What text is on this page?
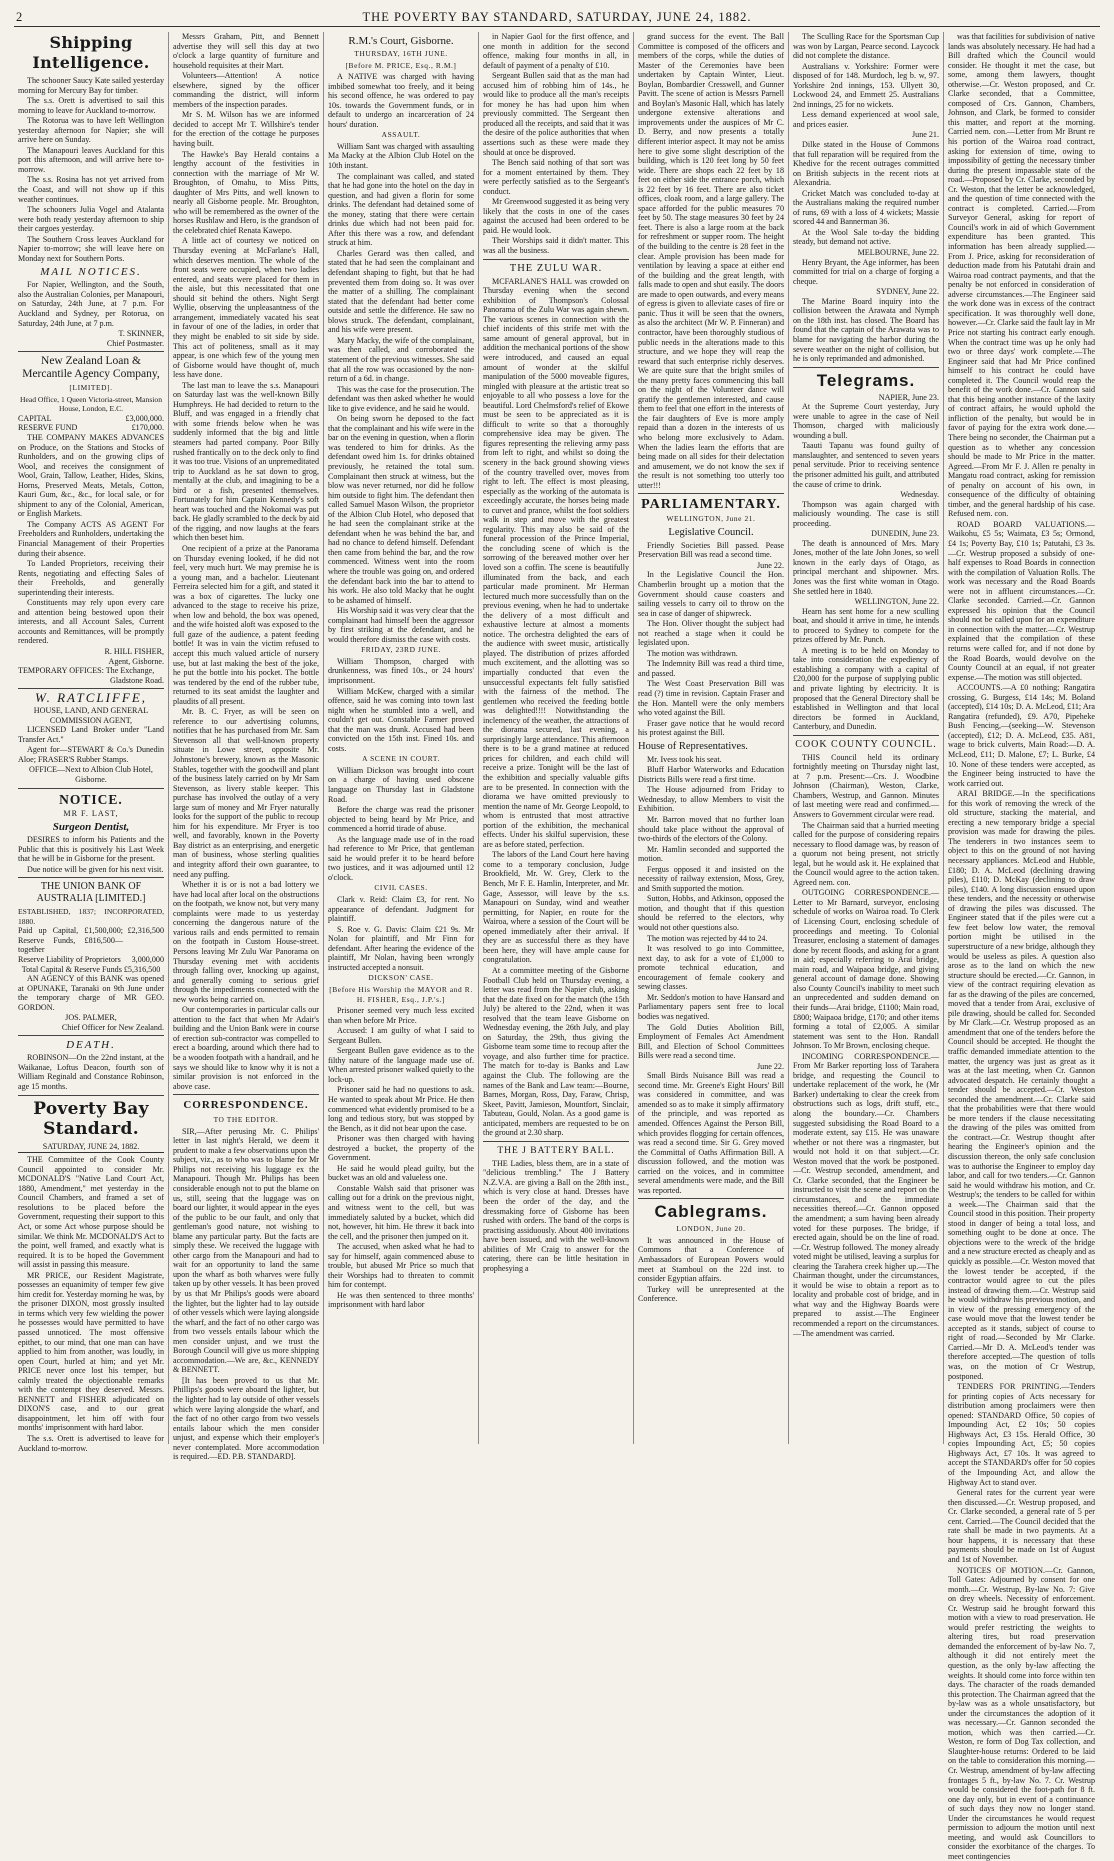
2	THE POVERTY BAY STANDARD, SATURDAY, JUNE 24, 1882.
Shipping Intelligence.

The schooner Saucy Kate sailed yesterday morning for Mercury Bay for timber.

The s.s. Orett is advertised to sail this morning to leave for Auckland to-morrow.

The Rotorua was to have left Wellington yesterday afternoon for Napier; she will arrive here on Sunday.

The Manapouri leaves Auckland for this port this afternoon, and will arrive here to-morrow.

The s.s. Rosina has not yet arrived from the Coast, and will not show up if this weather continues.

The schooners Julia Vogel and Atalanta were both ready yesterday afternoon to ship their cargoes yesterday.

The Southern Cross leaves Auckland for Napier to-morrow; she will leave here on Monday next for Southern Ports.

MAIL NOTICES.

For Napier, Wellington, and the South, also the Australian Colonies, per Manapouri, on Saturday, 24th June, at 7 p.m. For Auckland and Sydney, per Rotorua, on Saturday, 24th June, at 7 p.m.

T. SKINNER,
Chief Postmaster.
New Zealand Loan & Mercantile Agency Company,
[LIMITED].
Head Office, 1 Queen Victoria-street, Mansion House, London, E.C.
CAPITAL	£3,000,000.
RESERVE FUND	£170,000.

THE COMPANY MAKES ADVANCES on Produce, on the Stations and Stocks of Runholders, and on the growing clips of Wool, and receives the consignment of Wool, Grain, Tallow, Leather, Hides, Skins, Horns, Preserved Meats, Metals, Cotton, Kauri Gum, &c., &c., for local sale, or for shipment to any of the Colonial, American, or English Markets.

The Company ACTS AS AGENT For Freeholders and Runholders, undertaking the Financial Management of their Properties during their absence.

To Landed Proprietors, receiving their Rents, negotiating and effecting Sales of their Freeholds, and generally superintending their interests.

Constituents may rely upon every care and attention being bestowed upon their interests, and all Account Sales, Current accounts and Remittances, will be promptly rendered.

R. HILL FISHER,
Agent, Gisborne.
TEMPORARY OFFICES: The Exchange,
Gladstone Road.
W. RATCLIFFE,
HOUSE, LAND, AND GENERAL COMMISSION AGENT,

LICENSED Land Broker under "Land Transfer Act."

Agent for—STEWART & Co.'s Dunedin Aloe; FRASER'S Rubber Stamps.

OFFICE—Next to Albion Club Hotel, Gisborne.
NOTICE.
MR F. LAST,
Surgeon Dentist,

DESIRES to inform his Patients and the Public that this is positively his Last Week that he will be in Gisborne for the present.

Due notice will be given for his next visit.

THE UNION BANK OF AUSTRALIA [LIMITED.]
ESTABLISHED, 1837; INCORPORATED, 1880.
Paid up Capital, £1,500,000; Reserve Funds, £816,500—together
£2,316,500
Reserve Liability of Proprietors 3,000,000
Total Capital & Reserve Funds £5,316,500

AN AGENCY of this BANK was opened at OPUNAKE, Taranaki on 9th June under the temporary charge of MR GEO. GORDON.

JOS. PALMER,
Chief Officer for New Zealand.
DEATH.

ROBINSON—On the 22nd instant, at the Waikanae, Loftus Deacon, fourth son of William Reginald and Constance Robinson, age 15 months.

Poverty Bay Standard.
SATURDAY, JUNE 24, 1882.

THE Committee of the Cook County Council appointed to consider Mr. MCDONALD'S "Native Land Court Act, 1880, Amendment," met yesterday in the Council Chambers, and framed a set of resolutions to be placed before the Government, requesting their support to this Act, or some Act whose purpose should be similar. We think Mr. MCDONALD'S Act to the point, well framed, and exactly what is required. It is to be hoped the Government will assist in passing this measure.

MR PRICE, our Resident Magistrate, possesses an equanimity of temper few give him credit for. Yesterday morning he was, by the prisoner DIXON, most grossly insulted in terms which very few wielding the power he possesses would have permitted to have passed unnoticed. The most offensive epithet, to our mind, that one man can have applied to him from another, was loudly, in open Court, hurled at him; and yet Mr. PRICE never once lost his temper, but calmly treated the objectionable remarks with the contempt they deserved. Messrs. BENNETT and FISHER adjudicated on DIXON'S case, and to our great disappointment, let him off with four months' imprisonment with hard labor.

The s.s. Orett is advertised to leave for Auckland to-morrow.

Messrs Graham, Pitt, and Bennett advertise they will sell this day at two o'clock a large quantity of furniture and household requisites at their Mart.

Volunteers—Attention! A notice elsewhere, signed by the officer commanding the district, will inform members of the inspection parades.

Mr S. M. Wilson has we are informed decided to accept Mr T. Willshire's tender for the erection of the cottage he purposes having built.

The Hawke's Bay Herald contains a lengthy account of the festivities in connection with the marriage of Mr W. Broughton, of Omahu, to Miss Pitts, daughter of Mrs Pitts, and well known to nearly all Gisborne people. Mr. Broughton, who will be remembered as the owner of the horses Rushlaw and Hero, is the grandson of the celebrated chief Renata Kawepo.

A little act of courtesy we noticed on Thursday evening at McFarlane's Hall, which deserves mention. The whole of the front seats were occupied, when two ladies entered, and seats were placed for them in the aisle, but this necessitated that one should sit behind the others. Night Sergt Wyllie, observing the unpleasantness of the arrangement, immediately vacated his seat in favour of one of the ladies, in order that they might be enabled to sit side by side. This act of politeness, small as it may appear, is one which few of the young men of Gisborne would have thought of, much less have done.

The last man to leave the s.s. Manapouri on Saturday last was the well-known Billy Humphreys. He had decided to return to the Bluff, and was engaged in a friendly chat with some friends below when he was suddenly informed that the big and little steamers had parted company. Poor Billy rushed frantically on to the deck only to find it was too true. Visions of an unpremeditated trip to Auckland as he sat down to grog, mentally at the club, and imagining to be a bird or a fish, presented themselves. Fortunately for him Captain Kennedy's soft heart was touched and the Nokomai was put back. He gladly scrambled to the deck by aid of the rigging, and now laughs at the fears which then beset him.

One recipient of a prize at the Panorama on Thursday evening looked, if he did not feel, very much hurt. We may premise he is a young man, and a bachelor. Lieutenant Ferreira selected him for a gift, and stated it was a box of cigarettes. The lucky one advanced to the stage to receive his prize, when low and behold, the box was opened, and the wife hoisted aloft was exposed to the full gaze of the audience, a patent feeding bottle! It was in vain the victim refused to accept this much valued article of nursery use, but at last making the best of the joke, he put the bottle into his pocket. The bottle was tendered by the end of the rubber tube, returned to its seat amidst the laughter and plaudits of all present.

Mr. B. C. Fryer, as will be seen on reference to our advertising columns, notifies that he has purchased from Mr. Sam Stevenson all that well-known property situate in Lowe street, opposite Mr. Johnstone's brewery, known as the Masonic Stables, together with the goodwill and plant of the business lately carried on by Mr Sam Stevenson, as livery stable keeper. This purchase has involved the outlay of a very large sum of money and Mr Fryer naturally looks for the support of the public to recoup him for his expenditure. Mr Fryer is too well, and favorably, known in the Poverty Bay district as an enterprising, and energetic man of business, whose sterling qualities and integrity afford their own guarantee, to need any puffing.

Whether it is or is not a bad lottery we have had local after local on the obstructions on the footpath, we know not, but very many complaints were made to us yesterday concerning the dangerous nature of the various rails and ends permitted to remain on the footpath in Custom House-street. Persons leaving Mr Zulu War Panorama on Thursday evening met with accidents through falling over, knocking up against, and generally coming to serious grief through the impediments connected with the new works being carried on.

Our contemporaries in particular calls our attention to the fact that when Mr Adair's building and the Union Bank were in course of erection sub-contractor was compelled to erect a boarding, around which there had to be a wooden footpath with a handrail, and he says we should like to know why it is not a similar provision is not enforced in the above case.

CORRESPONDENCE.
TO THE EDITOR.

SIR,—After perusing Mr. C. Philips' letter in last night's Herald, we deem it prudent to make a few observations upon the subject, viz., as to who was to blame for Mr Philips not receiving his luggage ex the Manapouri. Though Mr. Philips has been considerable enough not to put the blame on us, still, seeing that the luggage was on board our lighter, it would appear in the eyes of the public to be our fault, and only that gentleman's good nature, not wishing to blame any particular party. But the facts are simply these. We received the luggage with other cargo from the Manapouri and had to wait for an opportunity to land the same upon the wharf as both wharves were fully taken up by other vessels. It has been proved by us that Mr Philips's goods were aboard the lighter, but the lighter had to lay outside of other vessels which were laying alongside the wharf, and the fact of no other cargo was from two vessels entails labour which the men consider unjust, and we trust the Borough Council will give us more shipping accommodation.—We are, &c., KENNEDY & BENNETT.

[It has been proved to us that Mr. Phillips's goods were aboard the lighter, but the lighter had to lay outside of other vessels which were laying alongside the wharf, and the fact of no other cargo from two vessels entails labour which the men consider unjust, and expense which their employer's never contemplated. More accommodation is required.—ED. P.B. STANDARD].

R.M.'s Court, Gisborne.
THURSDAY, 16TH JUNE.
[Before M. PRICE, Esq., R.M.]

A NATIVE was charged with having imbibed somewhat too freely, and it being his second offence, he was ordered to pay 10s. towards the Government funds, or in default to undergo an incarceration of 24 hours' duration.

ASSAULT.

William Sant was charged with assaulting Ma Macky at the Albion Club Hotel on the 10th instant.

The complainant was called, and stated that he had gone into the hotel on the day in question, and had given a florin for some drinks. The defendant had detained some of the money, stating that there were certain drinks due which had not been paid for. After this there was a row, and defendant struck at him.

Charles Gerard was then called, and stated that he had seen the complainant and defendant shaping to fight, but that he had prevented them from doing so. It was over the matter of a shilling. The complainant stated that the defendant had better come outside and settle the difference. He saw no blows struck. The defendant, complainant, and his wife were present.

Mary Macky, the wife of the complainant, was then called, and corroborated the statement of the previous witnesses. She said that all the row was occasioned by the non-return of a 6d. in change.

This was the case for the prosecution. The defendant was then asked whether he would like to give evidence, and he said he would.

On being sworn he deposed to the fact that the complainant and his wife were in the bar on the evening in question, when a florin was tendered to him for drinks. As the defendant owed him 1s. for drinks obtained previously, he retained the total sum. Complainant then struck at witness, but the blow was never returned, nor did he follow him outside to fight him. The defendant then called Samuel Mason Wilson, the proprietor of the Albion Club Hotel, who deposed that he had seen the complainant strike at the defendant when he was behind the bar, and had no chance to defend himself. Defendant then came from behind the bar, and the row commenced. Witness went into the room where the trouble was going on, and ordered the defendant back into the bar to attend to his work. He also told Macky that he ought to be ashamed of himself.

His Worship said it was very clear that the complainant had himself been the aggressor by first striking at the defendant, and he would therefore dismiss the case with costs.

FRIDAY, 23RD JUNE.

William Thompson, charged with drunkenness, was fined 10s., or 24 hours' imprisonment.

William McKew, charged with a similar offence, said he was coming into town last night when he stumbled into a well, and couldn't get out. Constable Farmer proved that the man was drunk. Accused had been convicted on the 15th inst. Fined 10s. and costs.

A SCENE IN COURT.

William Dickson was brought into court on a charge of having used obscene language on Thursday last in Gladstone Road.

Before the charge was read the prisoner objected to being heard by Mr Price, and commenced a horrid tirade of abuse.

As the language made use of in the road had reference to Mr Price, that gentleman said he would prefer it to be heard before two justices, and it was adjourned until 12 o'clock.

CIVIL CASES.

Clark v. Reid: Claim £3, for rent. No appearance of defendant. Judgment for plaintiff.

S. Roe v. G. Davis: Claim £21 9s. Mr Nolan for plaintiff, and Mr Finn for defendant. After hearing the evidence of the plaintiff, Mr Nolan, having been wrongly instructed accepted a nonsuit.

DICKSON' CASE.
[Before His Worship the MAYOR and R. H. FISHER, Esq., J.P.'s.]

Prisoner seemed very much less excited than when before Mr Price.

Accused: I am guilty of what I said to Sergeant Bullen.

Sergeant Bullen gave evidence as to the filthy nature of the language made use of. When arrested prisoner walked quietly to the lock-up.

Prisoner said he had no questions to ask. He wanted to speak about Mr Price. He then commenced what evidently promised to be a long and tedious story, but was stopped by the Bench, as it did not bear upon the case.

Prisoner was then charged with having destroyed a bucket, the property of the Government.

He said he would plead guilty, but the bucket was an old and valueless one.

Constable Walsh said that prisoner was calling out for a drink on the previous night, and witness went to the cell, but was immediately saluted by a bucket, which did not, however, hit him. He threw it back into the cell, and the prisoner then jumped on it.

The accused, when asked what he had to say for himself, again commenced abuse to trouble, but abused Mr Price so much that their Worships had to threaten to commit him for contempt.

He was then sentenced to three months' imprisonment with hard labor

in Napier Gaol for the first offence, and one month in addition for the second offence, making four months in all, in default of payment of a penalty of £10.

Sergeant Bullen said that as the man had accused him of robbing him of 14s., he would like to produce all the man's receipts for money he has had upon him when previously committed. The Sergeant then produced all the receipts, and said that it was the desire of the police authorities that when assertions such as these were made they should at once be disproved.

The Bench said nothing of that sort was for a moment entertained by them. They were perfectly satisfied as to the Sergeant's conduct.

Mr Greenwood suggested it as being very likely that the costs in one of the cases against the accused had been ordered to be paid. He would look.

Their Worships said it didn't matter. This was all the business.

THE ZULU WAR.

MCFARLANE'S HALL was crowded on Thursday evening when the second exhibition of Thompson's Colossal Panorama of the Zulu War was again shewn. The various scenes in connection with the chief incidents of this strife met with the same amount of general approval, but in addition the mechanical portions of the show were introduced, and caused an equal amount of wonder at the skilful manipulation of the 5000 moveable figures, mingled with pleasure at the artistic treat so enjoyable to all who possess a love for the beautiful. Lord Chelmsford's relief of Ekowe must be seen to be appreciated as it is difficult to write so that a thoroughly comprehensive idea may be given. The figures representing the relieving army pass from left to right, and whilst so doing the scenery in the back ground showing views of the country travelled over, moves from right to left. The effect is most pleasing, especially as the working of the automata is exceedingly accurate, the horses being made to curvet and prance, whilst the foot soldiers walk in step and move with the greatest regularity. This may also be said of the funeral procession of the Prince Imperial, the concluding scene of which is the sorrowing of the bereaved mother over her loved son a coffin. The scene is beautifully illuminated from the back, and each particular made prominent. Mr Herman lectured much more successfully than on the previous evening, when he had to undertake the delivery of a most difficult and exhaustive lecture at almost a moments notice. The orchestra delighted the ears of the audience with sweet music, artistically played. The distribution of prizes afforded much excitement, and the allotting was so impartially conducted that even the unsuccessful expectants felt fully satisfied with the fairness of the method. The gentlemen who received the feeding bottle was delighted!!!! Notwithstanding the inclemency of the weather, the attractions of the diorama secured, last evening, a surprisingly large attendance. This afternoon there is to be a grand matinee at reduced prices for children, and each child will receive a prize. Tonight will be the last of the exhibition and specially valuable gifts are to be presented. In connection with the diorama we have omitted previously to mention the name of Mr. George Leopold, to whom is entrusted that most attractive portion of the exhibition, the mechanical effects. Under his skilful supervision, these are as before stated, perfection.

The labors of the Land Court here having come to a temporary conclusion, Judge Brookfield, Mr. W. Grey, Clerk to the Bench, Mr F. E. Hamlin, Interpreter, and Mr. Gage, Assessor, will leave by the s.s. Manapouri on Sunday, wind and weather permitting, for Napier, en route for the Wairoa, where a session of the Court will be opened immediately after their arrival. If they are as successful there as they have been here, they will have ample cause for congratulation.

At a committee meeting of the Gisborne Football Club held on Thursday evening, a letter was read from the Napier club, asking that the date fixed on for the match (the 15th July) be altered to the 22nd, when it was resolved that the team leave Gisborne on Wednesday evening, the 26th July, and play on Saturday, the 29th, thus giving the Gisborne team some time to recoup after the voyage, and also further time for practice. The match for to-day is Banks and Law against the Club. The following are the names of the Bank and Law team:—Bourne, Barnes, Morgan, Ross, Day, Faraw, Chrisp, Skeet, Pavitt, Jamieson, Mountfort, Sinclair, Tabuteau, Gould, Nolan. As a good game is anticipated, members are requested to be on the ground at 2.30 sharp.

THE J BATTERY BALL.

THE Ladies, bless them, are in a state of "delicious trembling." The J Battery N.Z.V.A. are giving a Ball on the 28th inst., which is very close at hand. Dresses have been the order of the day, and the dressmaking force of Gisborne has been rushed with orders. The band of the corps is practising assiduously. About 400 invitations have been issued, and with the well-known abilities of Mr Craig to answer for the catering, there can be little hesitation in prophesying a

grand success for the event. The Ball Committee is composed of the officers and members of the corps, while the duties of Master of the Ceremonies have been undertaken by Captain Winter, Lieut. Boylan, Bombardier Cresswell, and Gunner Pavitt. The scene of action is Messrs Parnell and Boylan's Masonic Hall, which has lately undergone extensive alterations and improvements under the auspices of Mr C. D. Berry, and now presents a totally different interior aspect. It may not be amiss here to give some slight description of the building, which is 120 feet long by 50 feet wide. There are shops each 22 feet by 18 feet on either side the entrance porch, which is 22 feet by 16 feet. There are also ticket offices, cloak room, and a large gallery. The space afforded for the public measures 70 feet by 50. The stage measures 30 feet by 24 feet. There is also a large room at the back for refreshment or supper room. The height of the building to the centre is 28 feet in the clear. Ample provision has been made for ventilation by leaving a space at either end of the building and the great length, with falls made to open and shut easily. The doors are made to open outwards, and every means of egress is given to alleviate cases of fire or panic. Thus it will be seen that the owners, as also the architect (Mr W. P. Finneran) and contractor, have been thoroughly studious of public needs in the alterations made to this structure, and we hope they will reap the reward that such enterprise richly deserves. We are quite sure that the bright smiles of the many pretty faces commencing this ball on the night of the Volunteer dance will gratify the gentlemen interested, and cause them to feel that one effort in the interests of the fair daughters of Eve is more amply repaid than a dozen in the interests of us who belong more exclusively to Adam. When the ladies learn the efforts that are being made on all sides for their delectation and amusement, we do not know the sex if the result is not something too utterly too utter!!!

PARLIAMENTARY.
WELLINGTON, June 21.
Legislative Council.

Friendly Societies Bill passed. Pease Preservation Bill was read a second time.

June 22.

In the Legislative Council the Hon. Chamberlin brought up a motion that the Government should cause coasters and sailing vessels to carry oil to throw on the sea in case of danger of shipwreck.

The Hon. Oliver thought the subject had not reached a stage when it could be legislated upon.

The motion was withdrawn.

The Indemnity Bill was read a third time, and passed.

The West Coast Preservation Bill was read (?) time in revision. Captain Fraser and the Hon. Mantell were the only members who voted against the Bill.

Fraser gave notice that he would record his protest against the Bill.

House of Representatives.

Mr. Ivess took his seat.

Bluff Harbor Waterworks and Education Districts Bills were read a first time.

The House adjourned from Friday to Wednesday, to allow Members to visit the Exhibition.

Mr. Barron moved that no further loan should take place without the approval of two-thirds of the electors of the Colony.

Mr. Hamlin seconded and supported the motion.

Fergus opposed it and insisted on the necessity of railway extension, Moss, Grey, and Smith supported the motion.

Sutton, Hobbs, and Atkinson, opposed the motion, and thought that if this question should be referred to the electors, why would not other questions also.

The motion was rejected by 44 to 24.

It was resolved to go into Committee, next day, to ask for a vote of £1,000 to promote technical education, and encouragement of female cookery and sewing classes.

Mr. Seddon's motion to have Hansard and Parliamentary papers sent free to local bodies was negatived.

The Gold Duties Abolition Bill, Employment of Females Act Amendment Bill, and Election of School Committees Bills were read a second time.

June 22.

Small Birds Nuisance Bill was read a second time. Mr. Greene's Eight Hours' Bill was considered in committee, and was amended so as to make it simply affirmatory of the principle, and was reported as amended. Offences Against the Person Bill, which provides flogging for certain offences, was read a second time. Sir G. Grey moved the Committal of Oaths Affirmation Bill. A discussion followed, and the motion was carried on the voices, and in committee several amendments were made, and the Bill was reported.

Cablegrams.
LONDON, June 20.

It was announced in the House of Commons that a Conference of Ambassadors of European Powers would meet at Stamboul on the 22d inst. to consider Egyptian affairs.

Turkey will be unrepresented at the Conference.

The Sculling Race for the Sportsman Cup was won by Largan, Pearce second. Laycock did not complete the distance.

Australians v. Yorkshire: Former were disposed of for 148. Murdoch, leg b. w, 97. Yorkshire 2nd innings, 153. Ullyett 30, Lockwood 24, and Emmett 25. Australians 2nd innings, 25 for no wickets.

Less demand experienced at wool sale, and prices easier.

June 21.

Dilke stated in the House of Commons that full reparation will be required from the Khedive for the recent outrages committed on British subjects in the recent riots at Alexandria.

Cricket Match was concluded to-day at the Australians making the required number of runs, 69 with a loss of 4 wickets; Massie scored 44 and Bannerman 36.

At the Wool Sale to-day the bidding steady, but demand not active.

MELBOURNE, June 22.

Henry Bryant, the Age informer, has been committed for trial on a charge of forging a cheque.

SYDNEY, June 22.

The Marine Board inquiry into the collision between the Arawata and Nymph on the 18th inst. has closed. The Board has found that the captain of the Arawata was to blame for navigating the harbor during the severe weather on the night of collision, but he is only reprimanded and admonished.

Telegrams.
NAPIER, June 23.

At the Supreme Court yesterday, Jury were unable to agree in the case of Neil Thomson, charged with maliciously wounding a bull.

Taauti Tapanu was found guilty of manslaughter, and sentenced to seven years penal servitude. Prior to receiving sentence the prisoner admitted his guilt, and attributed the cause of crime to drink.

Wednesday.

Thompson was again charged with maliciously wounding. The case is still proceeding.

DUNEDIN, June 23.

The death is announced of Mrs. Mary Jones, mother of the late John Jones, so well known in the early days of Otago, as principal merchant and shipowner. Mrs. Jones was the first white woman in Otago. She settled here in 1840.

WELLINGTON, June 22.

Hearn has sent home for a new sculling boat, and should it arrive in time, he intends to proceed to Sydney to compete for the prizes offered by Mr. Punch.

A meeting is to be held on Monday to take into consideration the expediency of establishing a company with a capital of £20,000 for the purpose of supplying public and private lighting by electricity. It is proposed that the General Directory shall be established in Wellington and that local directors be formed in Auckland, Canterbury, and Dunedin.

COOK COUNTY COUNCIL.

THIS Council held its ordinary fortnightly meeting on Thursday night last, at 7 p.m. Present:—Crs. J. Woodbine Johnson (Chairman), Weston, Clarke, Chambers, Westrup, and Gannon. Minutes of last meeting were read and confirmed.—Answers to Government circular were read.

The Chairman said that a hurried meeting called for the purpose of considering repairs necessary to flood damage was, by reason of a quorum not being present, not strictly legal, but he would ask it. He explained that the Council would agree to the action taken. Agreed nem. con.

OUTGOING CORRESPONDENCE.—Letter to Mr Barnard, surveyor, enclosing schedule of works on Wairoa road. To Clerk of Licensing Court, enclosing schedule of proceedings and meeting. To Colonial Treasurer, enclosing a statement of damages done by recent floods, and asking for a grant in aid; especially referring to Arai bridge, main road, and Waipaoa bridge, and giving general account of damage done. Showing also County Council's inability to meet such an unprecedented and sudden demand on their funds—Arai bridge, £1100; Main road, £800; Waipaoa bridge, £170; and other items forming a total of £2,005. A similar statement was sent to the Hon. Randall Johnson. To Mr Brown, enclosing cheque.

INCOMING CORRESPONDENCE.—From Mr Barker reporting loss of Tarahera bridge, and requesting the Council to undertake replacement of the work, he (Mr Barker) undertaking to clear the creek from obstructions such as logs, drift stuff, etc., along the boundary.—Cr. Chambers suggested subsidising the Road Board to a moderate extent, say £15. He was unaware whether or not there was a ringmaster, but would not hold it on that subject.—Cr. Weston moved that the work be postponed.—Cr. Westrup seconded, amendment, and Cr. Clarke seconded, that the Engineer be instructed to visit the scene and report on the circumstances, and the immediate necessities thereof.—Cr. Gannon opposed the amendment; a sum having been already voted for these purposes. The bridge, if erected again, should be on the line of road.—Cr. Westrup followed. The money already voted might be utilised, leaving a surplus for clearing the Tarahera creek higher up.—The Chairman thought, under the circumstances, it would be wise to obtain a report as to locality and probable cost of bridge, and in what way and the Highway Boards were prepared to assist.—The Engineer recommended a report on the circumstances.—The amendment was carried.

was that facilities for subdivision of native lands was absolutely necessary. He had had a Bill drafted which the Council would consider. He thought it met the case, but some, among them lawyers, thought otherwise.—Cr. Weston proposed, and Cr. Clarke seconded, that a Committee, composed of Crs. Gannon, Chambers, Johnson, and Clark, be formed to consider this matter, and report at the morning. Carried nem. con.—Letter from Mr Brunt re his portion of the Wairoa road contract, asking for extension of time, owing to impossibility of getting the necessary timber during the present impassable state of the road.—Proposed by Cr. Clarke, seconded by Cr. Weston, that the letter be acknowledged, and the question of time connected with the contract is completed. Carried.—From Surveyor General, asking for report of Council's work in aid of which Government expenditure has been granted. This information has been already supplied.—From J. Price, asking for reconsideration of deduction made from his Patutahi drain and Wairoa road contract payments, and that the penalty be not enforced in consideration of adverse circumstances.—The Engineer said the work done was in excess of the contract specification. It was thoroughly well done, however.—Cr. Clarke said the fault lay in Mr Price not starting his contract early enough. When the contract time was up he only had two or three days' work complete.—The Engineer said that had Mr Price confined himself to his contract he could have completed it. The Council would reap the benefit of the work done.—Cr. Gannon said that this being another instance of the laxity of contract affairs, he would uphold the infliction of the penalty, but would be in favor of paying for the extra work done.—There being no seconder, the Chairman put a question as to whether any concession should be made to Mr Price in the matter. Agreed.—From Mr F. J. Allen re penalty in Mangatu road contract, asking for remission of penalty on account of his own, in consequence of the difficulty of obtaining timber, and the general hardship of his case. Refused nem. con.

ROAD BOARD VALUATIONS.—Waikohu, £5 5s; Waimata, £3 5s; Ormond, £4 1s; Poverty Bay, £10 1s; Patutahi, £3 3s.—Cr. Westrup proposed a subsidy of one-half expenses to Road Boards in connection with the compilation of Valuation Rolls. The work was necessary and the Road Boards were not in affluent circumstances.—Cr. Clarke seconded. Carried.—Cr. Gannon expressed his opinion that the Council should not be called upon for an expenditure in connection with the matter.—Cr. Westrup explained that the compilation of these returns were called for, and if not done by the Road Boards, would devolve on the County Council at an equal, if not greater expense.—The motion was still objected.

ACCOUNTS.—A £0 nothing; Rangatira crossing, G. Burgess, £14 14s; M. Boland (accepted), £14 10s; D. A. McLeod, £11; Ara Rangatira (refunded), £9. A70, Pipeheke Bush Fencing,—(seeking—W. Stevenson (accepted), £12; D. A. McLeod, £35. A81, wage to brick culverts, Main Road:—D. A. McLeod, £11; D. Malone, £7; L. Burke, £4 10. None of these tenders were accepted, as the Engineer being instructed to have the work carried out.

ARAI BRIDGE.—In the specifications for this work of removing the wreck of the old structure, stacking the material, and erecting a new temporary bridge a special provision was made for drawing the piles. The tenderers in two instances seem to object to this on the ground of not having necessary appliances. McLeod and Hubble, £180; D. A. McLeod (declining drawing piles), £110; D. McKay (declining to draw piles), £140. A long discussion ensued upon these tenders, and the necessity or otherwise of drawing the piles was discussed. The Engineer stated that if the piles were cut a few feet below low water, the removal portion might be utilised in the superstructure of a new bridge, although they would be useless as piles. A question also arose as to the land on which the new structure should be erected.—Cr. Gannon, in view of the contract requiring elevation as far as the drawing of the piles are concerned, moved that a tender from Arai, exclusive of pile drawing, should be called for. Seconded by Mr Clark.—Cr. Westrup proposed as an amendment that one of the tenders before the Council should be accepted. He thought the traffic demanded immediate attention to the matter, the urgency was just as great as it was at the last meeting, when Cr. Gannon advocated despatch. He certainly thought a tender should be accepted.—Cr. Weston seconded the amendment.—Cr. Clarke said that the probabilities were that there would be more tenders if the clause necessitating the drawing of the piles was omitted from the contract.—Cr. Westrup thought after hearing the Engineer's opinion and the discussion thereon, the only safe conclusion was to authorise the Engineer to employ day labor, and call for two tenders.—Cr. Gannon said he would withdraw his motion, and Cr. Westrup's; the tenders to be called for within a week.—The Chairman said that the Council stood in this position. Their property stood in danger of being a total loss, and something ought to be done at once. The objections were to the wreck of the bridge and a new structure erected as cheaply and as quickly as possible.—Cr. Weston moved that the lowest tender be accepted, if the contractor would agree to cut the piles instead of drawing them.—Cr. Westrup said he would withdraw his previous motion, and in view of the pressing emergency of the case would move that the lowest tender be accepted as it stands, subject of course to right of road.—Seconded by Mr Clarke. Carried.—Mr D. A. McLeod's tender was therefore accepted.—The question of tolls was, on the motion of Cr Westrup, postponed.

TENDERS FOR PRINTING.—Tenders for printing copies of Acts necessary for distribution among proclaimers were then opened: STANDARD Office, 50 copies of Impounding Act, £2 10s; 50 copies Highways Act, £3 15s. Herald Office, 30 copies Impounding Act, £5; 50 copies Highways Act, £7 10s. It was agreed to accept the STANDARD's offer for 50 copies of the Impounding Act, and allow the Highway Act to stand over.

General rates for the current year were then discussed.—Cr. Westrup proposed, and Cr. Clarke seconded, a general rate of 5 per cent. Carried.—The Council decided that the rate shall be made in two payments. At a hour happens, it is necessary that these payments should be made on 1st of August and 1st of November.

NOTICES OF MOTION.—Cr. Gannon, Toll Gates: Adjourned by consent for one month.—Cr. Westrup, By-law No. 7: Give on drey wheels. Necessity of enforcement. Cr. Westrup said he brought forward this motion with a view to road preservation. He would prefer restricting the weights to altering tires, but road preservation demanded the enforcement of by-law No. 7, although it did not entirely meet the question, as the only by-law affecting the weights. It should come into force within ten days. The character of the roads demanded this protection. The Chairman agreed that the by-law was as a whole unsatisfactory, but under the circumstances the adoption of it was necessary.—Cr. Gannon seconded the motion, which was then carried.—Cr. Weston, re form of Dog Tax collection, and Slaughter-house returns: Ordered to be laid on the table to consideration this morning.—Cr. Westrup, amendment of by-law affecting frontages 5 ft., by-law No. 7. Cr. Westrup would be considered the foot-path for 8 ft. one day only, but in event of a continuance of such days they now no longer stand. Under the circumstances he would request permission to adjourn the motion until next meeting, and would ask Councillors to consider the exorbitance of the charges. To meet contingencies
